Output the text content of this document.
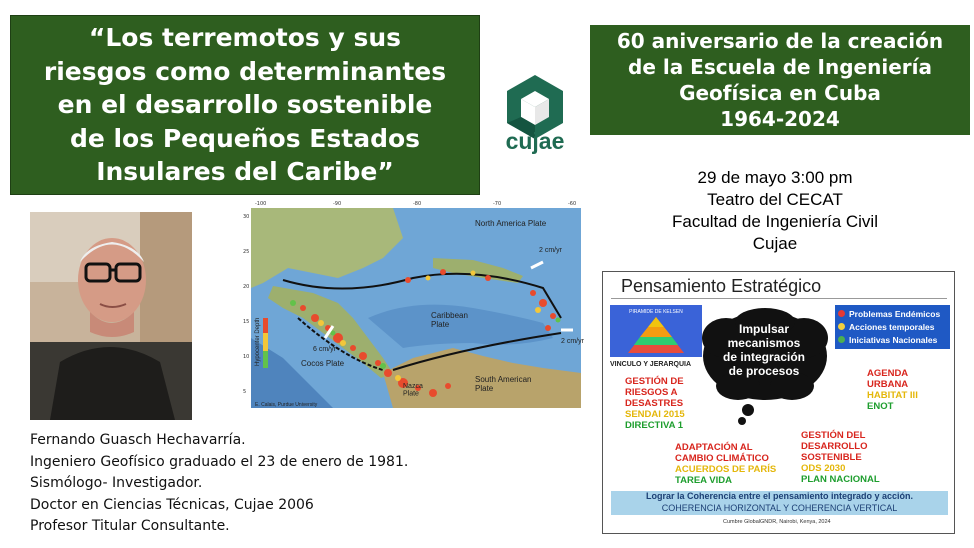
“Los terremotos y sus
riesgos como determinantes
en el desarrollo sostenible
de los Pequeños Estados
Insulares del Caribe”
cujae
60 aniversario de la creación
de la Escuela de Ingeniería
Geofísica en Cuba
1964-2024
29 de mayo 3:00 pm
Teatro del CECAT
Facultad de Ingeniería Civil
Cujae
Hypocenter Depth
North America Plate
Caribbean Plate
Cocos Plate
Nazca Plate
South American Plate
2 cm/yr
2 cm/yr
6 cm/yr
E. Calais, Purdue University
-100	-90	-80	-70	-60
30
25
20
15
10
5
Fernando Guasch Hechavarría.
Ingeniero Geofísico graduado el 23 de enero de 1981.
Sismólogo- Investigador.
Doctor en Ciencias Técnicas, Cujae 2006
Profesor Titular Consultante.
Pensamiento Estratégico
PIRAMIDE DE KELSEN
VINCULO Y JERARQUIA
Problemas Endémicos
Acciones temporales
Iniciativas Nacionales
Impulsar
mecanismos
de integración
de procesos
GESTIÓN DE
RIESGOS A
DESASTRES
SENDAI 2015
DIRECTIVA 1
AGENDA
URBANA
HABITAT III
ENOT
ADAPTACIÓN AL
CAMBIO CLIMÁTICO
ACUERDOS DE PARÍS
TAREA VIDA
GESTIÓN DEL
DESARROLLO
SOSTENIBLE
ODS 2030
PLAN NACIONAL
Lograr la Coherencia entre el pensamiento integrado y acción.
COHERENCIA HORIZONTAL Y COHERENCIA VERTICAL
Cumbre GlobalGNDR, Nairobi, Kenya, 2024
